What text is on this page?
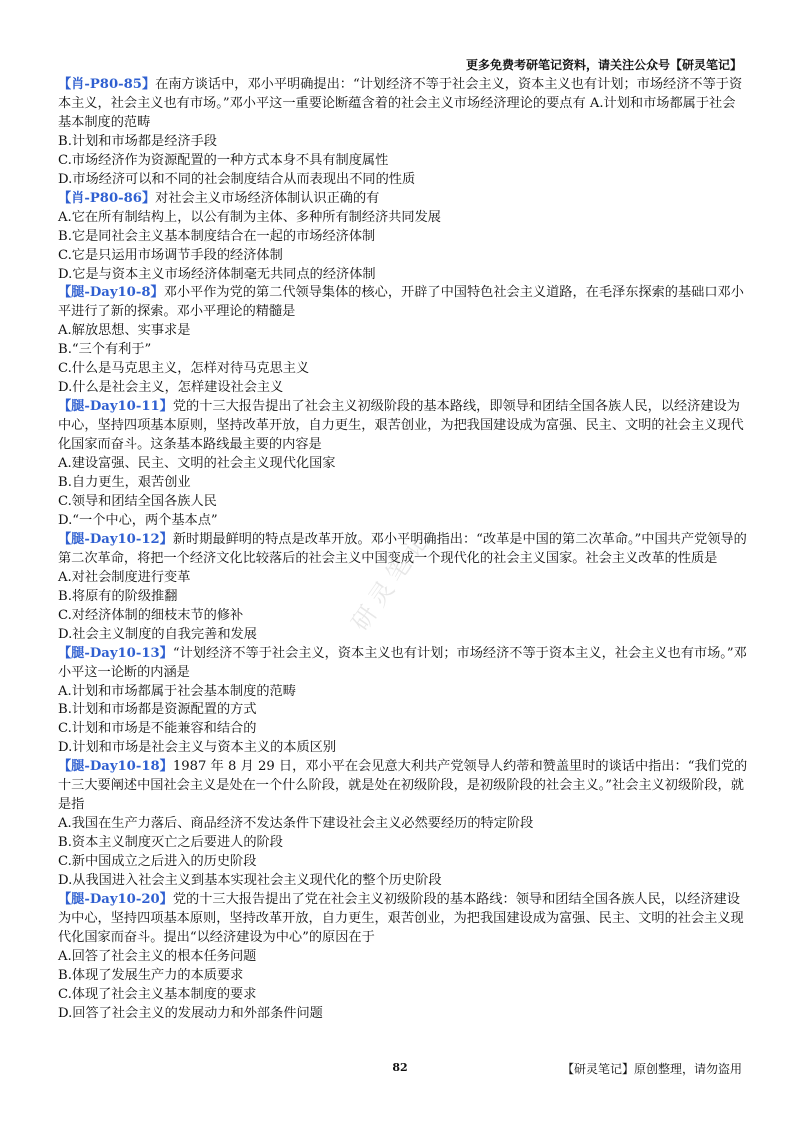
更多免费考研笔记资料，请关注公众号【研灵笔记】
研灵笔记

【肖-P80-85】在南方谈话中，邓小平明确提出：“计划经济不等于社会主义，资本主义也有计划；市场经济不等于资本主义，社会主义也有市场。”邓小平这一重要论断蕴含着的社会主义市场经济理论的要点有 A.计划和市场都属于社会基本制度的范畴

B.计划和市场都是经济手段

C.市场经济作为资源配置的一种方式本身不具有制度属性

D.市场经济可以和不同的社会制度结合从而表现出不同的性质

【肖-P80-86】对社会主义市场经济体制认识正确的有

A.它在所有制结构上，以公有制为主体、多种所有制经济共同发展

B.它是同社会主义基本制度结合在一起的市场经济体制

C.它是只运用市场调节手段的经济体制

D.它是与资本主义市场经济体制毫无共同点的经济体制

【腿-Day10-8】邓小平作为党的第二代领导集体的核心，开辟了中国特色社会主义道路，在毛泽东探索的基础口邓小平进行了新的探索。邓小平理论的精髓是

A.解放思想、实事求是

B.“三个有利于”

C.什么是马克思主义，怎样对待马克思主义

D.什么是社会主义，怎样建设社会主义

【腿-Day10-11】党的十三大报告提出了社会主义初级阶段的基本路线，即领导和团结全国各族人民，以经济建设为中心，坚持四项基本原则，坚持改革开放，自力更生，艰苦创业，为把我国建设成为富强、民主、文明的社会主义现代化国家而奋斗。这条基本路线最主要的内容是

A.建设富强、民主、文明的社会主义现代化国家

B.自力更生，艰苦创业

C.领导和团结全国各族人民

D.“一个中心，两个基本点”

【腿-Day10-12】新时期最鲜明的特点是改革开放。邓小平明确指出：“改革是中国的第二次革命。”中国共产党领导的第二次革命，将把一个经济文化比较落后的社会主义中国变成一个现代化的社会主义国家。社会主义改革的性质是

A.对社会制度进行变革

B.将原有的阶级推翻

C.对经济体制的细枝末节的修补

D.社会主义制度的自我完善和发展

【腿-Day10-13】“计划经济不等于社会主义，资本主义也有计划；市场经济不等于资本主义，社会主义也有市场。”邓小平这一论断的内涵是

A.计划和市场都属于社会基本制度的范畴

B.计划和市场都是资源配置的方式

C.计划和市场是不能兼容和结合的

D.计划和市场是社会主义与资本主义的本质区别

【腿-Day10-18】1987 年 8 月 29 日，邓小平在会见意大利共产党领导人约蒂和赞盖里时的谈话中指出：“我们党的十三大要阐述中国社会主义是处在一个什么阶段，就是处在初级阶段，是初级阶段的社会主义。”社会主义初级阶段，就是指

A.我国在生产力落后、商品经济不发达条件下建设社会主义必然要经历的特定阶段

B.资本主义制度灭亡之后要进人的阶段

C.新中国成立之后进入的历史阶段

D.从我国进入社会主义到基本实现社会主义现代化的整个历史阶段

【腿-Day10-20】党的十三大报告提出了党在社会主义初级阶段的基本路线：领导和团结全国各族人民，以经济建设为中心，坚持四项基本原则，坚持改革开放，自力更生，艰苦创业，为把我国建设成为富强、民主、文明的社会主义现代化国家而奋斗。提出“以经济建设为中心”的原因在于

A.回答了社会主义的根本任务问题

B.体现了发展生产力的本质要求

C.体现了社会主义基本制度的要求

D.回答了社会主义的发展动力和外部条件问题

82	【研灵笔记】原创整理，请勿盗用
